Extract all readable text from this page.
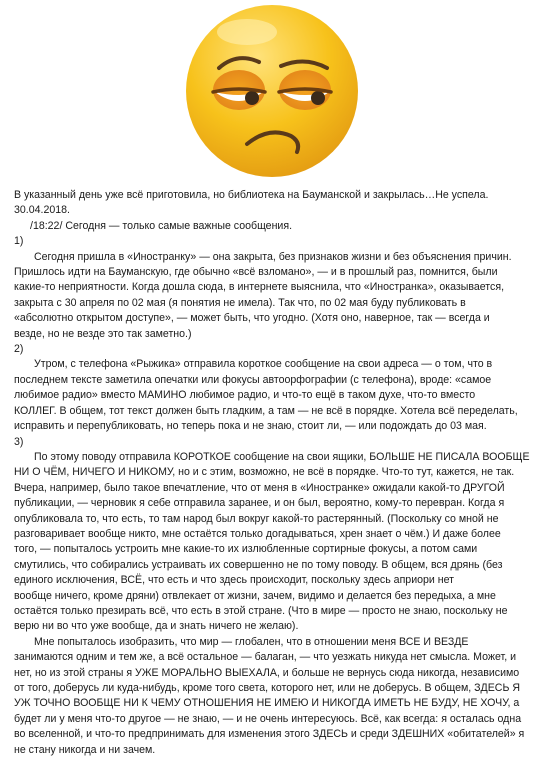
В указанный день уже всё приготовила, но библиотека на Бауманской и закрылась…Не успела.
30.04.2018.
/18:22/ Сегодня — только самые важные сообщения.
1)
Сегодня пришла в «Иностранку» — она закрыта, без признаков жизни и без объяснения причин.
Пришлось идти на Бауманскую, где обычно «всё взломано», — и в прошлый раз, помнится, были
какие-то неприятности. Когда дошла сюда, в интернете выяснила, что «Иностранка», оказывается,
закрыта с 30 апреля по 02 мая (я понятия не имела). Так что, по 02 мая буду публиковать в
«абсолютно открытом доступе», — может быть, что угодно. (Хотя оно, наверное, так — всегда и
везде, но не везде это так заметно.)
2)
Утром, с телефона «Рыжика» отправила короткое сообщение на свои адреса — о том, что в
последнем тексте заметила опечатки или фокусы автоорфографии (с телефона), вроде: «самое
любимое радио» вместо МАМИНО любимое радио, и что-то ещё в таком духе, что-то вместо
КОЛЛЕГ. В общем, тот текст должен быть гладким, а там — не всё в порядке. Хотела всё переделать,
исправить и перепубликовать, но теперь пока и не знаю, стоит ли, — или подождать до 03 мая.
3)
По этому поводу отправила КОРОТКОЕ сообщение на свои ящики, БОЛЬШЕ НЕ ПИСАЛА ВООБЩЕ
НИ О ЧЁМ, НИЧЕГО И НИКОМУ, но и с этим, возможно, не всё в порядке. Что-то тут, кажется, не так.
Вчера, например, было такое впечатление, что от меня в «Иностранке» ожидали какой-то ДРУГОЙ
публикации, — черновик я себе отправила заранее, и он был, вероятно, кому-то перевран. Когда я
опубликовала то, что есть, то там народ был вокруг какой-то растерянный. (Поскольку со мной не
разговаривает вообще никто, мне остаётся только догадываться, хрен знает о чём.) И даже более
того, — попыталось устроить мне какие-то их излюбленные сортирные фокусы, а потом сами
смутились, что собирались устраивать их совершенно не по тому поводу. В общем, вся дрянь (без
единого исключения, ВСЁ, что есть и что здесь происходит, поскольку здесь априори нет
вообще ничего, кроме дряни) отвлекает от жизни, зачем, видимо и делается без передыха, а мне
остаётся только презирать всё, что есть в этой стране. (Что в мире — просто не знаю, поскольку не
верю ни во что уже вообще, да и знать ничего не желаю).
Мне попыталось изобразить, что мир — глобален, что в отношении меня ВСЕ И ВЕЗДЕ
занимаются одним и тем же, а всё остальное — балаган, — что уезжать никуда нет смысла. Может, и
нет, но из этой страны я УЖЕ МОРАЛЬНО ВЫЕХАЛА, и больше не вернусь сюда никогда, независимо
от того, доберусь ли куда-нибудь, кроме того света, которого нет, или не доберусь. В общем, ЗДЕСЬ Я
УЖ ТОЧНО ВООБЩЕ НИ К ЧЕМУ ОТНОШЕНИЯ НЕ ИМЕЮ И НИКОГДА ИМЕТЬ НЕ БУДУ, НЕ ХОЧУ, а
будет ли у меня что-то другое — не знаю, — и не очень интересуюсь. Всё, как всегда: я осталась одна
во вселенной, и что-то предпринимать для изменения этого ЗДЕСЬ и среди ЗДЕШНИХ «обитателей» я
не стану никогда и ни зачем.
